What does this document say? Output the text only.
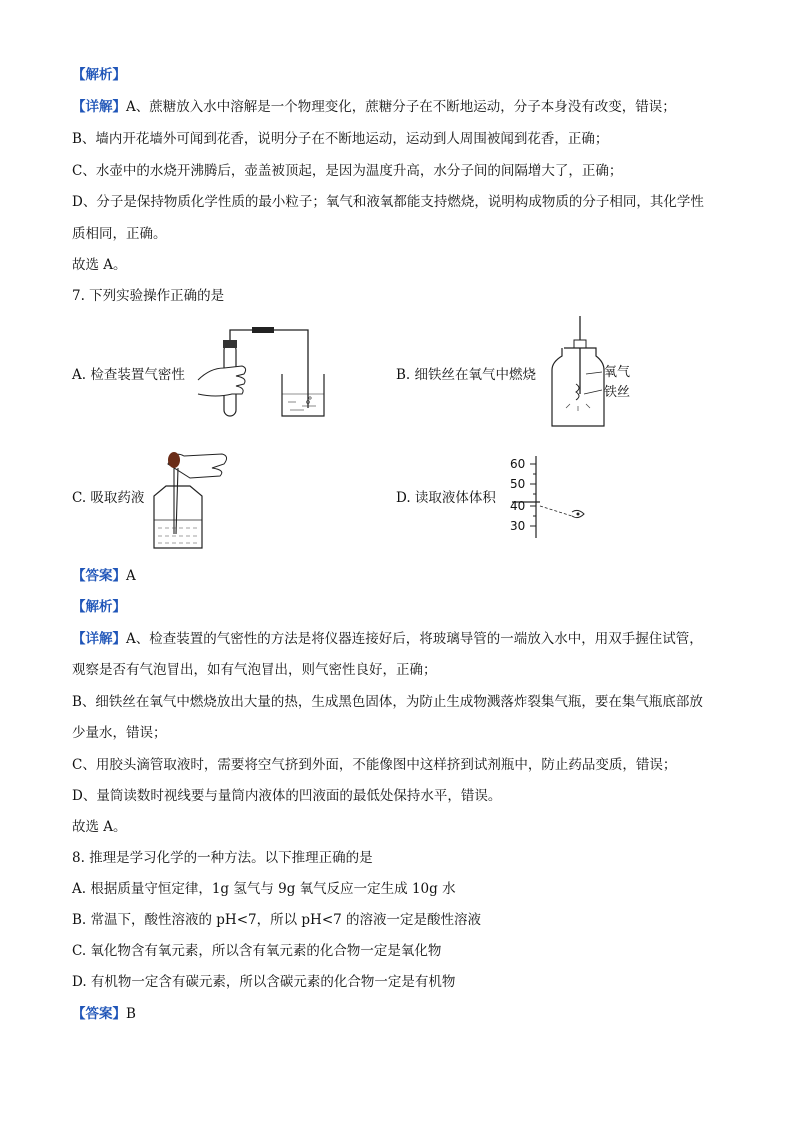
【解析】
【详解】A、蔗糖放入水中溶解是一个物理变化，蔗糖分子在不断地运动，分子本身没有改变，错误；
B、墙内开花墙外可闻到花香，说明分子在不断地运动，运动到人周围被闻到花香，正确；
C、水壶中的水烧开沸腾后，壶盖被顶起，是因为温度升高，水分子间的间隔增大了，正确；
D、分子是保持物质化学性质的最小粒子；氧气和液氧都能支持燃烧，说明构成物质的分子相同，其化学性
质相同，正确。
故选 A。
7. 下列实验操作正确的是
A. 检查装置气密性	B. 细铁丝在氧气中燃烧
C. 吸取药液	D. 读取液体体积
氧气
铁丝
60
50
40
30
【答案】A
【解析】
【详解】A、检查装置的气密性的方法是将仪器连接好后，将玻璃导管的一端放入水中，用双手握住试管，
观察是否有气泡冒出，如有气泡冒出，则气密性良好，正确；
B、细铁丝在氧气中燃烧放出大量的热，生成黑色固体，为防止生成物溅落炸裂集气瓶，要在集气瓶底部放
少量水，错误；
C、用胶头滴管取液时，需要将空气挤到外面，不能像图中这样挤到试剂瓶中，防止药品变质，错误；
D、量筒读数时视线要与量筒内液体的凹液面的最低处保持水平，错误。
故选 A。
8. 推理是学习化学的一种方法。以下推理正确的是
A. 根据质量守恒定律，1g 氢气与 9g 氧气反应一定生成 10g 水
B. 常温下，酸性溶液的 pH<7，所以 pH<7 的溶液一定是酸性溶液
C. 氧化物含有氧元素，所以含有氧元素的化合物一定是氧化物
D. 有机物一定含有碳元素，所以含碳元素的化合物一定是有机物
【答案】B
